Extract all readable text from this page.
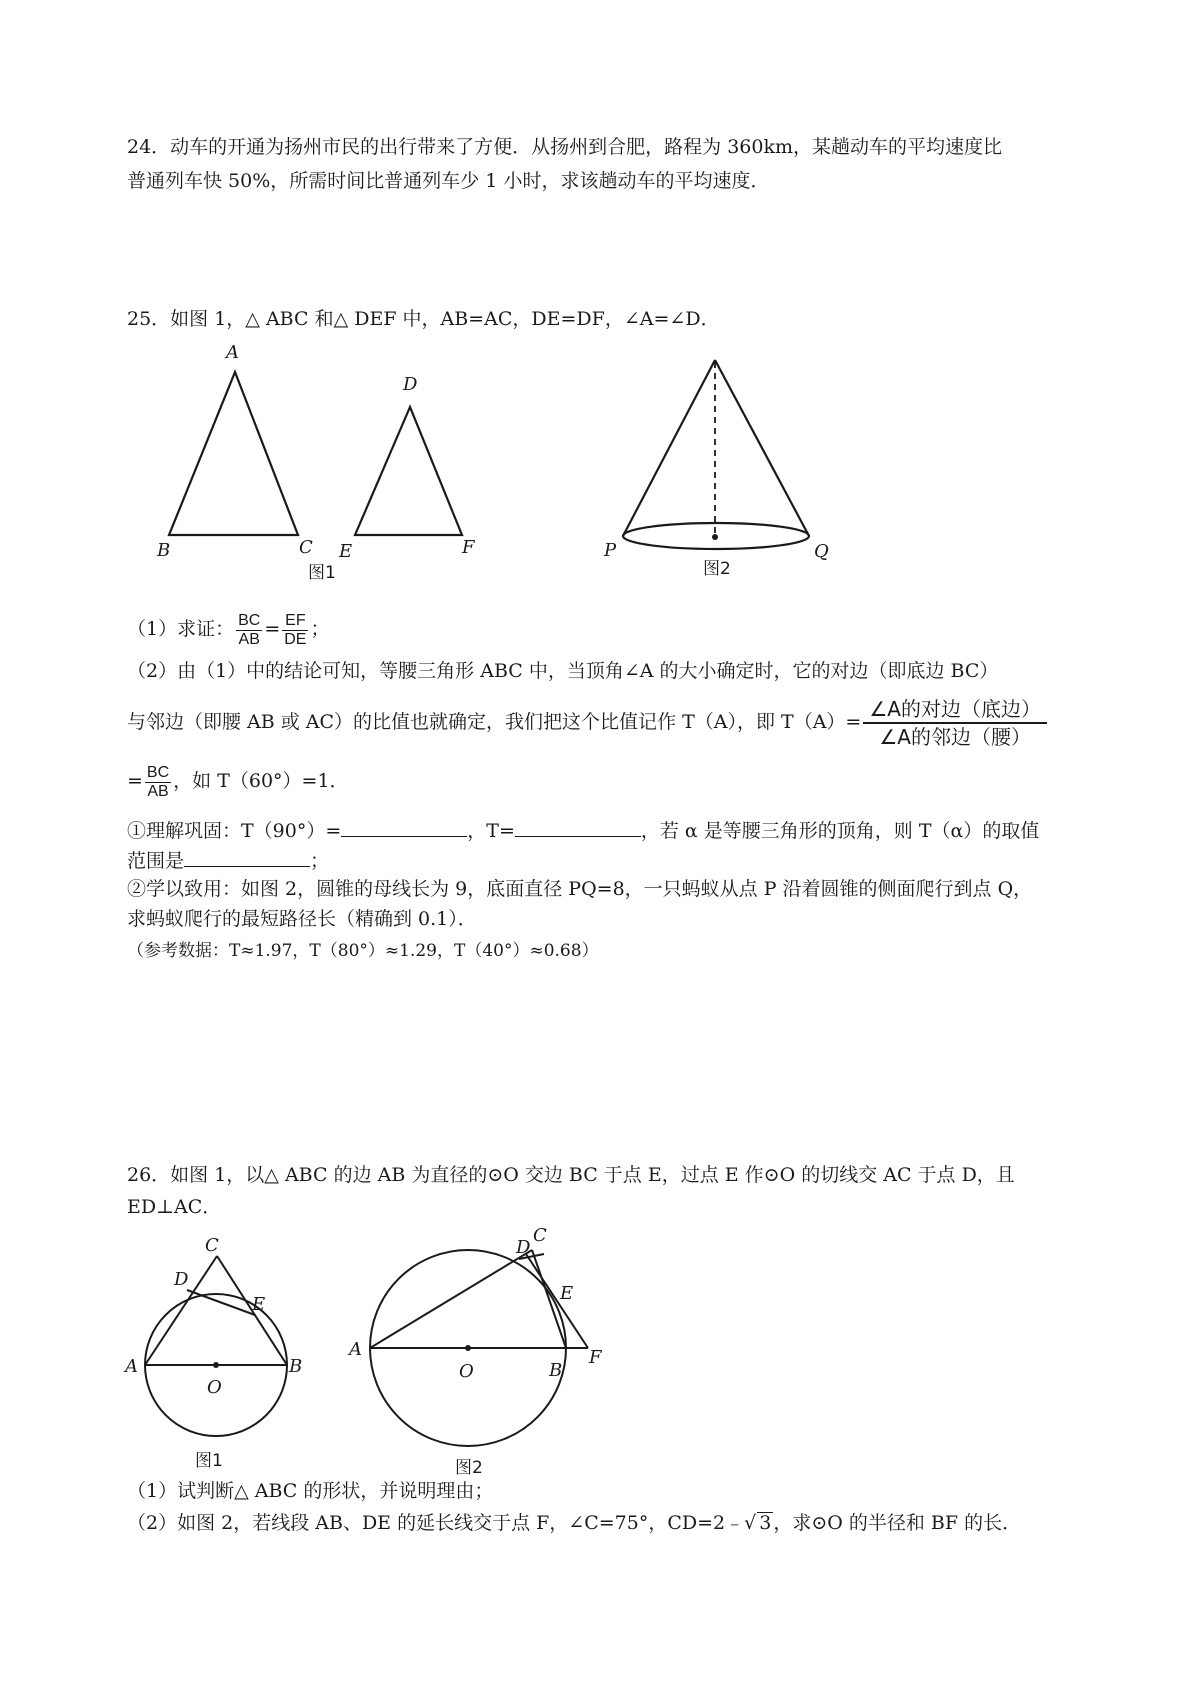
24．动车的开通为扬州市民的出行带来了方便．从扬州到合肥，路程为 360km，某趟动车的平均速度比
普通列车快 50%，所需时间比普通列车少 1 小时，求该趟动车的平均速度．
25．如图 1，△ ABC 和△ DEF 中，AB=AC，DE=DF，∠A=∠D．
A
B	C
D
E	F
图1
P	Q
图2
（1）求证： $\frac{BC}{AB} = \frac{EF}{DE}$ ；
（2）由（1）中的结论可知，等腰三角形 ABC 中，当顶角∠A 的大小确定时，它的对边（即底边 BC）
与邻边（即腰 AB 或 AC）的比值也就确定，我们把这个比值记作 T（A），即 $T(A)= \frac{\text{∠A的对边（底边）}}{\text{∠A的邻边（腰）}}$
= $\frac{BC}{AB}$ ，如 T（60°）=1．
①理解巩固：T（90°）=	，T=	，若 α 是等腰三角形的顶角，则 T（α）的取值
范围是	；
②学以致用：如图 2，圆锥的母线长为 9，底面直径 PQ=8，一只蚂蚁从点 P 沿着圆锥的侧面爬行到点 Q，
求蚂蚁爬行的最短路径长（精确到 0.1）．
（参考数据：T≈1.97，T（80°）≈1.29，T（40°）≈0.68）
26．如图 1，以△ ABC 的边 AB 为直径的⊙O 交边 BC 于点 E，过点 E 作⊙O 的切线交 AC 于点 D，且
ED⊥AC．
C
D
E
A	B
O
图1
D
C
E
A
O	B
F
图2
（1）试判断△ ABC 的形状，并说明理由；
（2）如图 2，若线段 AB、DE 的延长线交于点 F，∠C=75°，CD=2﹣√ 3 ，求⊙O 的半径和 BF 的长．
